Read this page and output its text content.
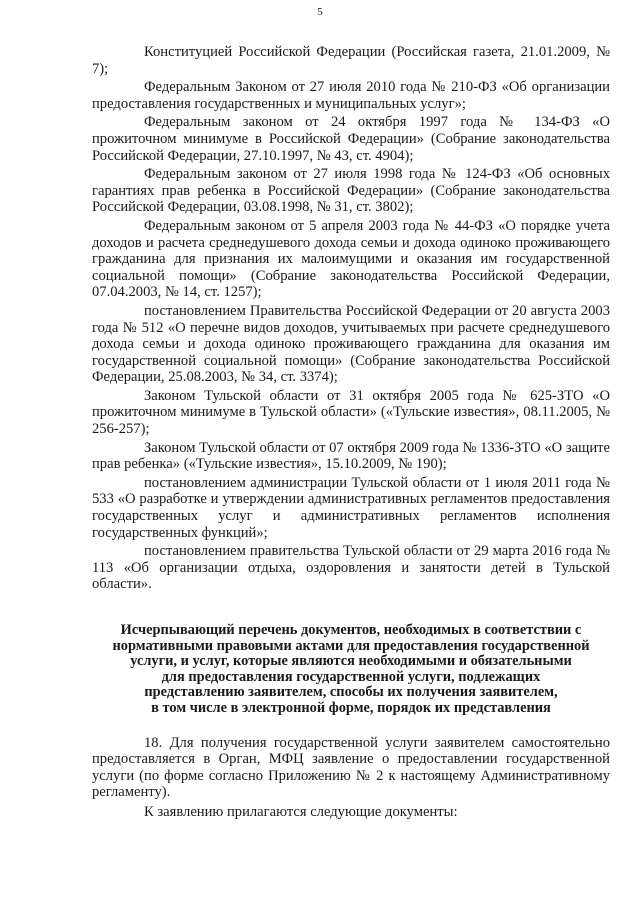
5

Конституцией Российской Федерации (Российская газета, 21.01.2009, № 7);

Федеральным Законом от 27 июля 2010 года № 210-ФЗ «Об организации предоставления государственных и муниципальных услуг»;

Федеральным законом от 24 октября 1997 года № 134-ФЗ «О прожиточном минимуме в Российской Федерации» (Собрание законодательства Российской Федерации, 27.10.1997, № 43, ст. 4904);

Федеральным законом от 27 июля 1998 года № 124-ФЗ «Об основных гарантиях прав ребенка в Российской Федерации» (Собрание законодательства Российской Федерации, 03.08.1998, № 31, ст. 3802);

Федеральным законом от 5 апреля 2003 года № 44-ФЗ «О порядке учета доходов и расчета среднедушевого дохода семьи и дохода одиноко проживающего гражданина для признания их малоимущими и оказания им государственной социальной помощи» (Собрание законодательства Российской Федерации, 07.04.2003, № 14, ст. 1257);

постановлением Правительства Российской Федерации от 20 августа 2003 года № 512 «О перечне видов доходов, учитываемых при расчете среднедушевого дохода семьи и дохода одиноко проживающего гражданина для оказания им государственной социальной помощи» (Собрание законодательства Российской Федерации, 25.08.2003, № 34, ст. 3374);

Законом Тульской области от 31 октября 2005 года № 625-ЗТО «О прожиточном минимуме в Тульской области» («Тульские известия», 08.11.2005, № 256-257);

Законом Тульской области от 07 октября 2009 года № 1336-ЗТО «О защите прав ребенка» («Тульские известия», 15.10.2009, № 190);

постановлением администрации Тульской области от 1 июля 2011 года № 533 «О разработке и утверждении административных регламентов предоставления государственных услуг и административных регламентов исполнения государственных функций»;

постановлением правительства Тульской области от 29 марта 2016 года № 113 «Об организации отдыха, оздоровления и занятости детей в Тульской области».

Исчерпывающий перечень документов, необходимых в соответствии с
нормативными правовыми актами для предоставления государственной
услуги, и услуг, которые являются необходимыми и обязательными
для предоставления государственной услуги, подлежащих
представлению заявителем, способы их получения заявителем,
в том числе в электронной форме, порядок их представления

18. Для получения государственной услуги заявителем самостоятельно предоставляется в Орган, МФЦ заявление о предоставлении государственной услуги (по форме согласно Приложению № 2 к настоящему Административному регламенту).

К заявлению прилагаются следующие документы:
